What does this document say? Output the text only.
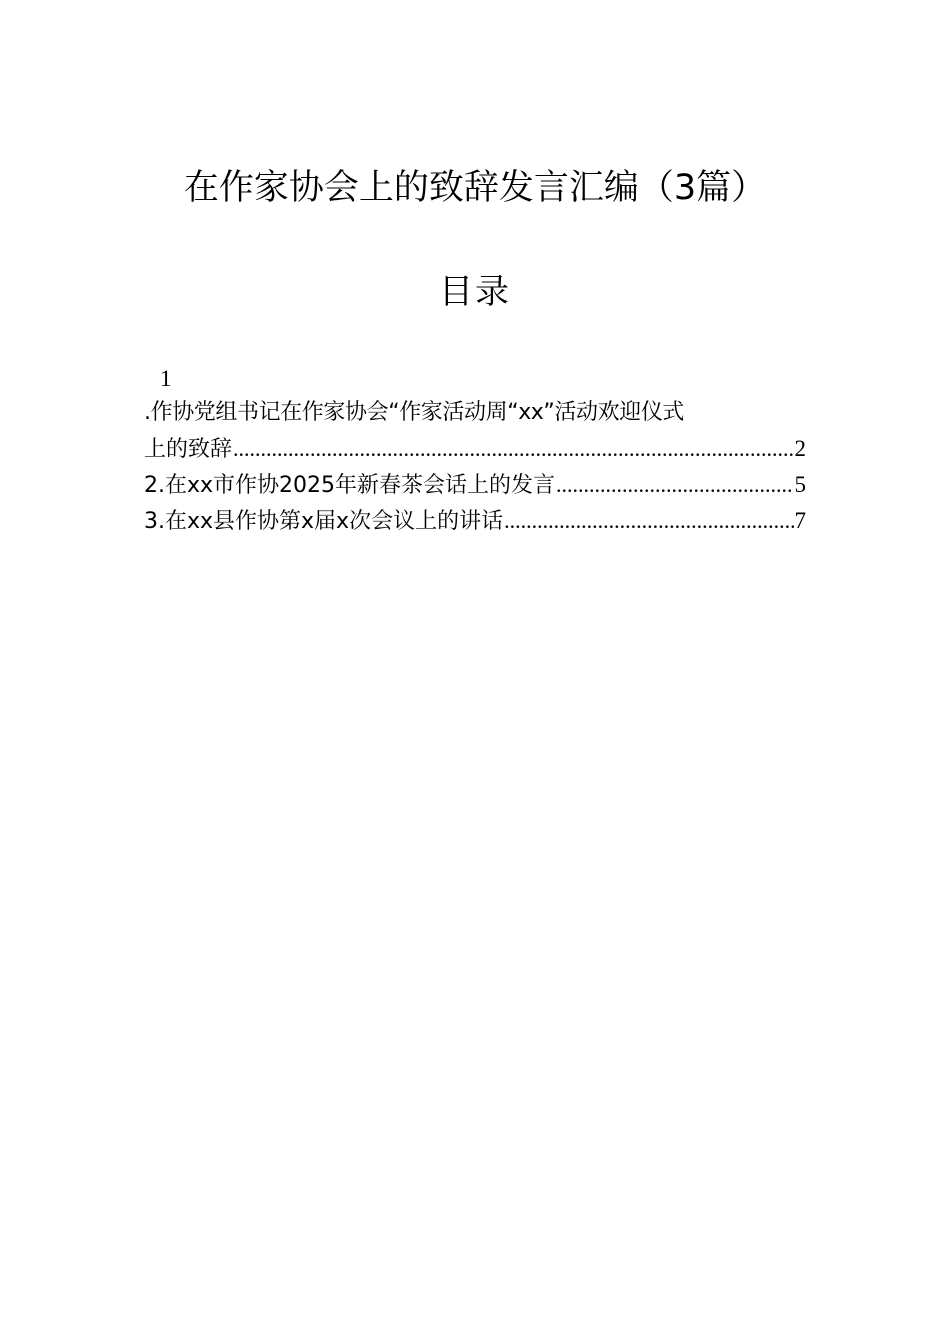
在作家协会上的致辞发言汇编（3篇）
目录
1
.作协党组书记在作家协会“作家活动周“xx”活动欢迎仪式
上的致辞 .....	2
2.在xx市作协2025年新春茶会话上的发言 .....	5
3.在xx县作协第x届x次会议上的讲话 .....	7
